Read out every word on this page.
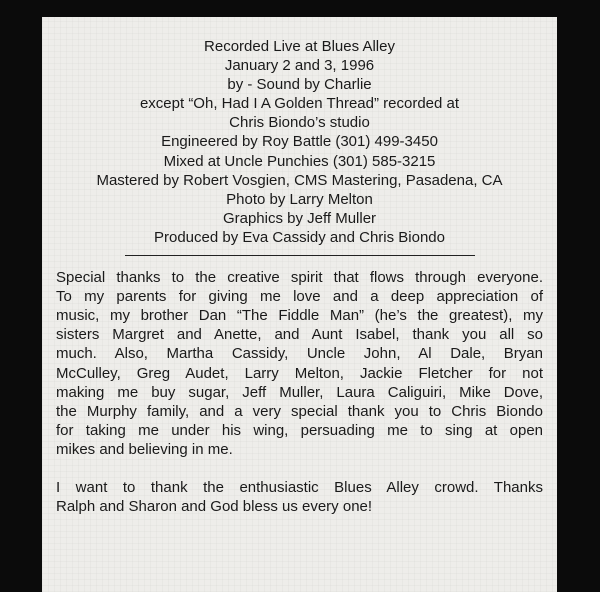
Recorded Live at Blues Alley
January 2 and 3, 1996
by - Sound by Charlie
except “Oh, Had I A Golden Thread” recorded at
Chris Biondo’s studio
Engineered by Roy Battle (301) 499-3450
Mixed at Uncle Punchies (301) 585-3215
Mastered by Robert Vosgien, CMS Mastering, Pasadena, CA
Photo by Larry Melton
Graphics by Jeff Muller
Produced by Eva Cassidy and Chris Biondo
Special thanks to the creative spirit that flows through everyone.
To my parents for giving me love and a deep appreciation of
music, my brother Dan “The Fiddle Man” (he’s the greatest), my
sisters Margret and Anette, and Aunt Isabel, thank you all so
much. Also, Martha Cassidy, Uncle John, Al Dale, Bryan
McCulley, Greg Audet, Larry Melton, Jackie Fletcher for not
making me buy sugar, Jeff Muller, Laura Caliguiri, Mike Dove,
the Murphy family, and a very special thank you to Chris Biondo
for taking me under his wing, persuading me to sing at open
mikes and believing in me.
I want to thank the enthusiastic Blues Alley crowd. Thanks
Ralph and Sharon and God bless us every one!
